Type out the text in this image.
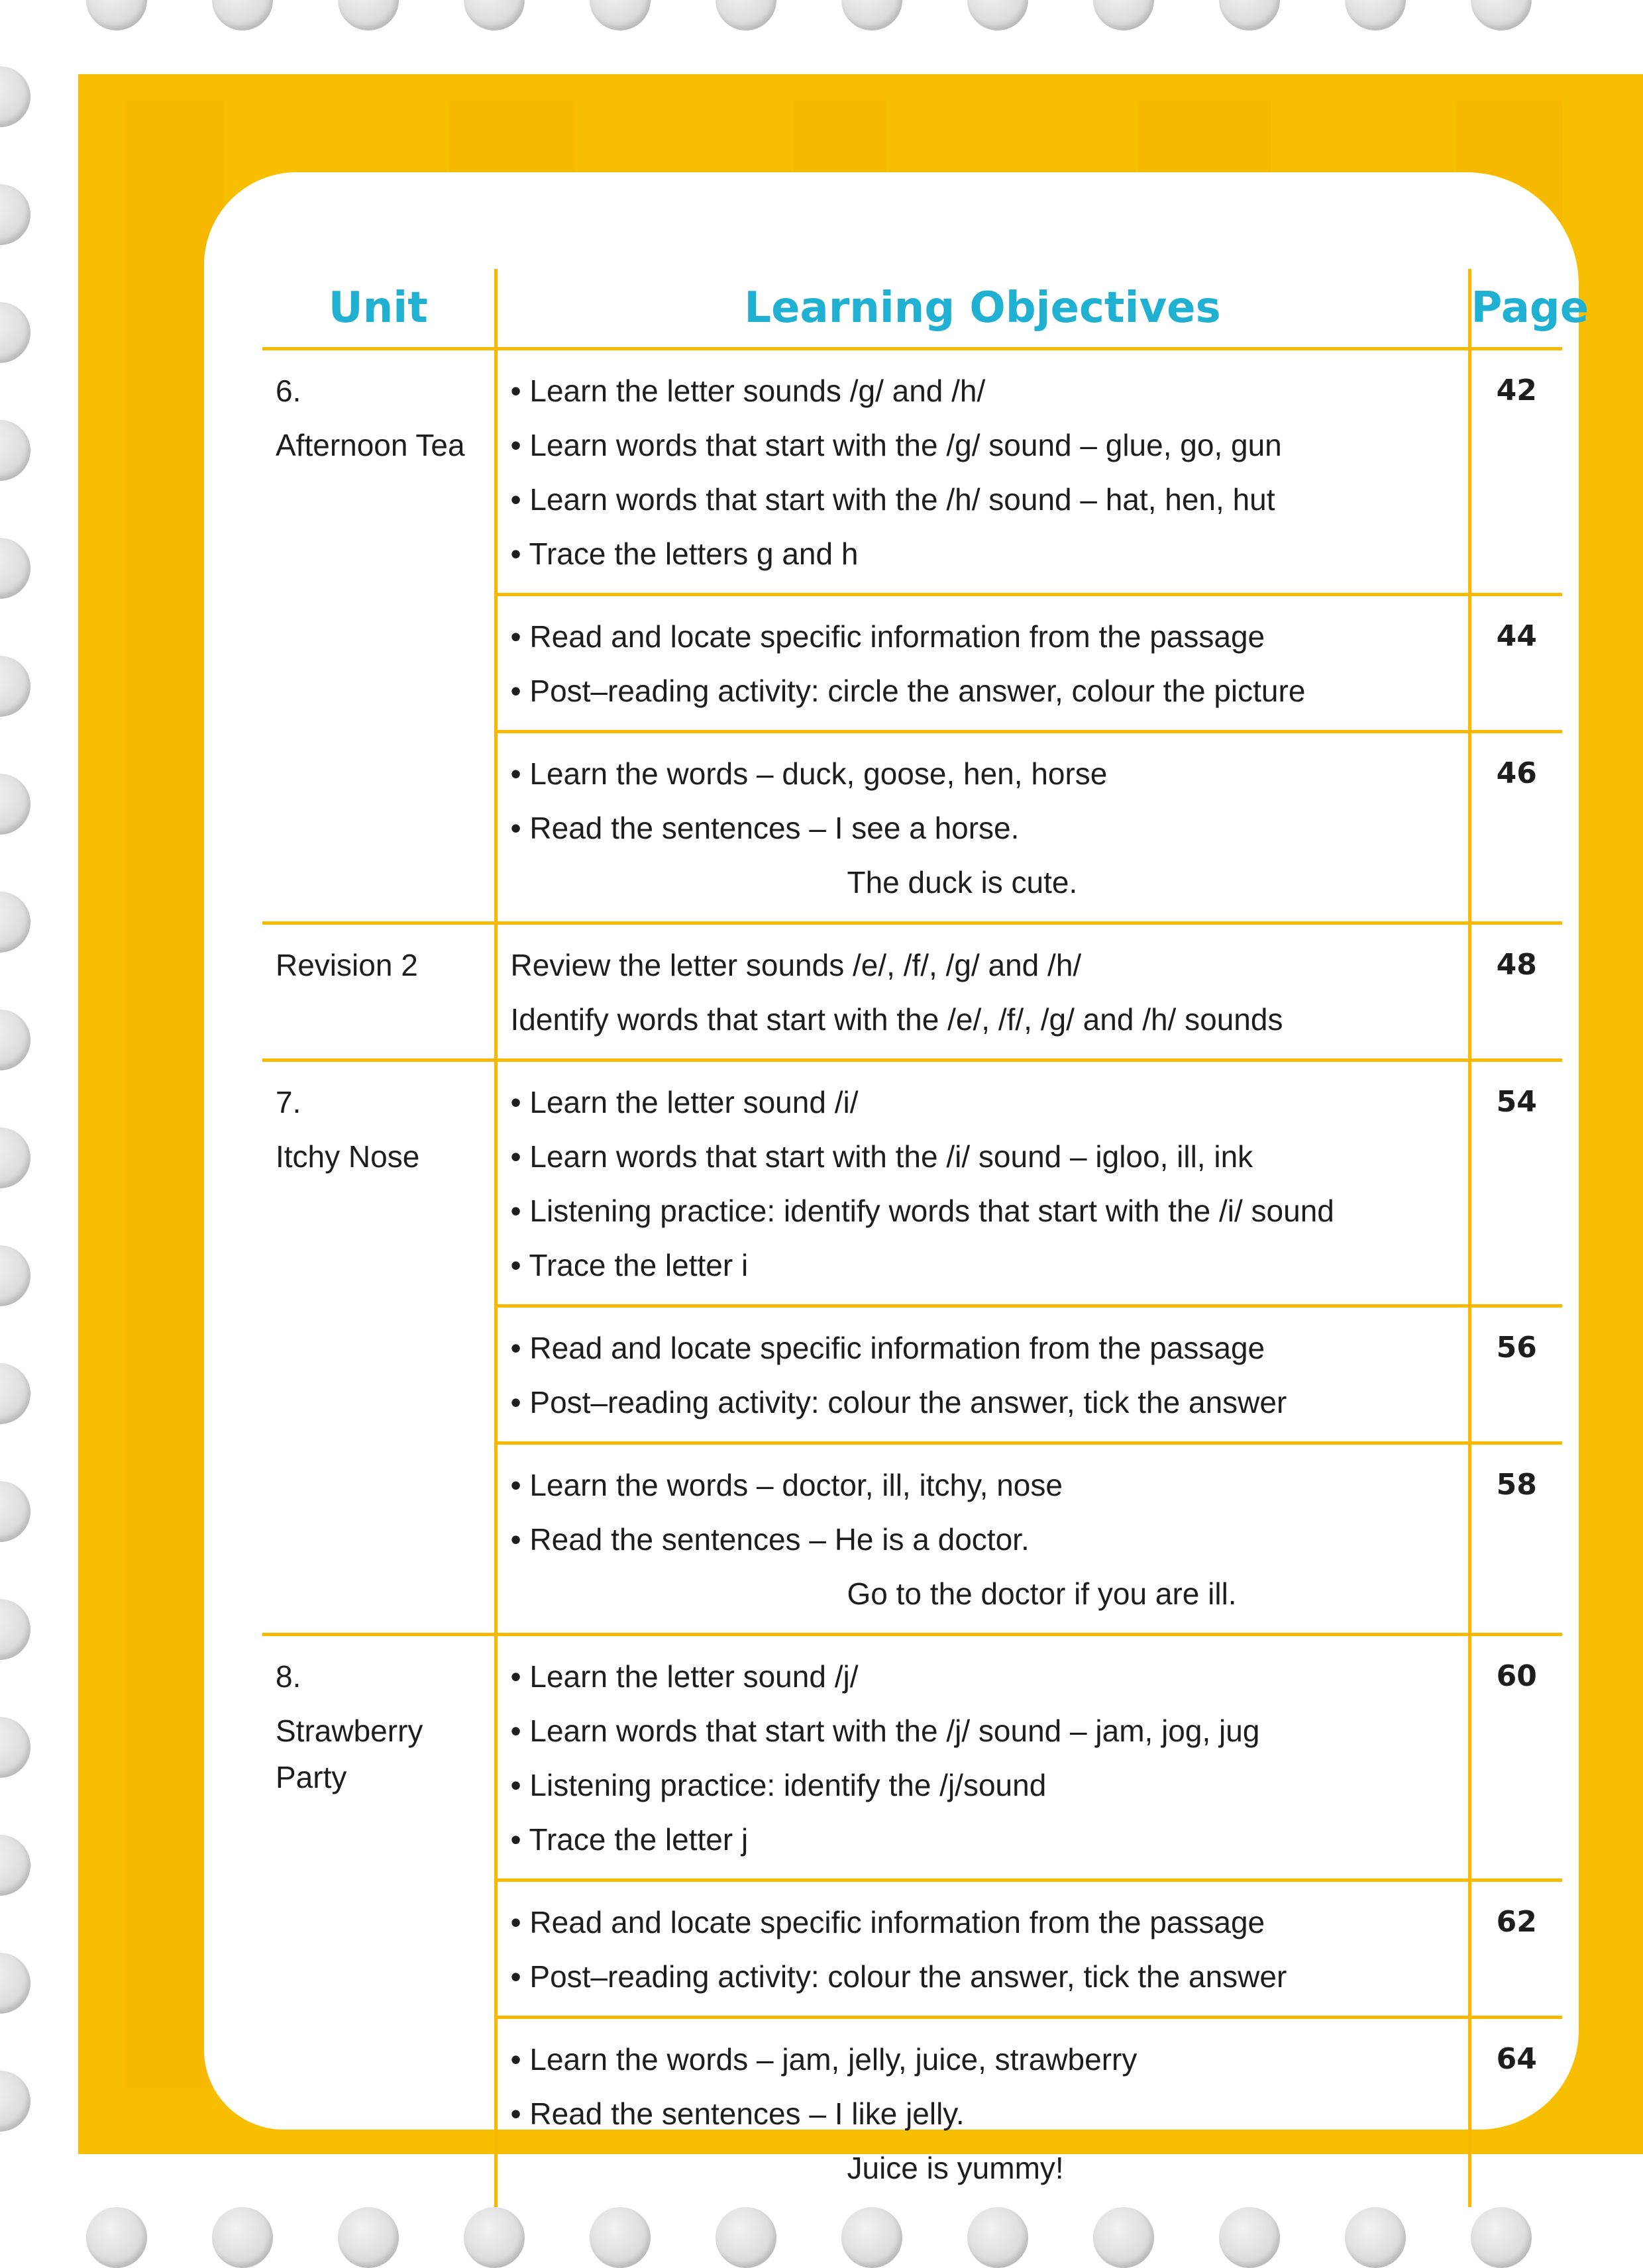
Unit	Learning Objectives	Page

6.
Afternoon Tea	• Learn the letter sounds /g/ and /h/
• Learn words that start with the /g/ sound – glue, go, gun
• Learn words that start with the /h/ sound – hat, hen, hut
• Trace the letters g and h	42

	• Read and locate specific information from the passage
• Post–reading activity: circle the answer, colour the picture	44

	• Learn the words – duck, goose, hen, horse
• Read the sentences – I see a horse.
The duck is cute.	46

Revision 2	Review the letter sounds /e/, /f/, /g/ and /h/
Identify words that start with the /e/, /f/, /g/ and /h/ sounds	48

7.
Itchy Nose	• Learn the letter sound /i/
• Learn words that start with the /i/ sound – igloo, ill, ink
• Listening practice: identify words that start with the /i/ sound
• Trace the letter i	54

	• Read and locate specific information from the passage
• Post–reading activity: colour the answer, tick the answer	56

	• Learn the words – doctor, ill, itchy, nose
• Read the sentences – He is a doctor.
Go to the doctor if you are ill.	58

8.
Strawberry
Party	• Learn the letter sound /j/
• Learn words that start with the /j/ sound – jam, jog, jug
• Listening practice: identify the /j/sound
• Trace the letter j	60

	• Read and locate specific information from the passage
• Post–reading activity: colour the answer, tick the answer	62

	• Learn the words – jam, jelly, juice, strawberry
• Read the sentences – I like jelly.
Juice is yummy!	64
